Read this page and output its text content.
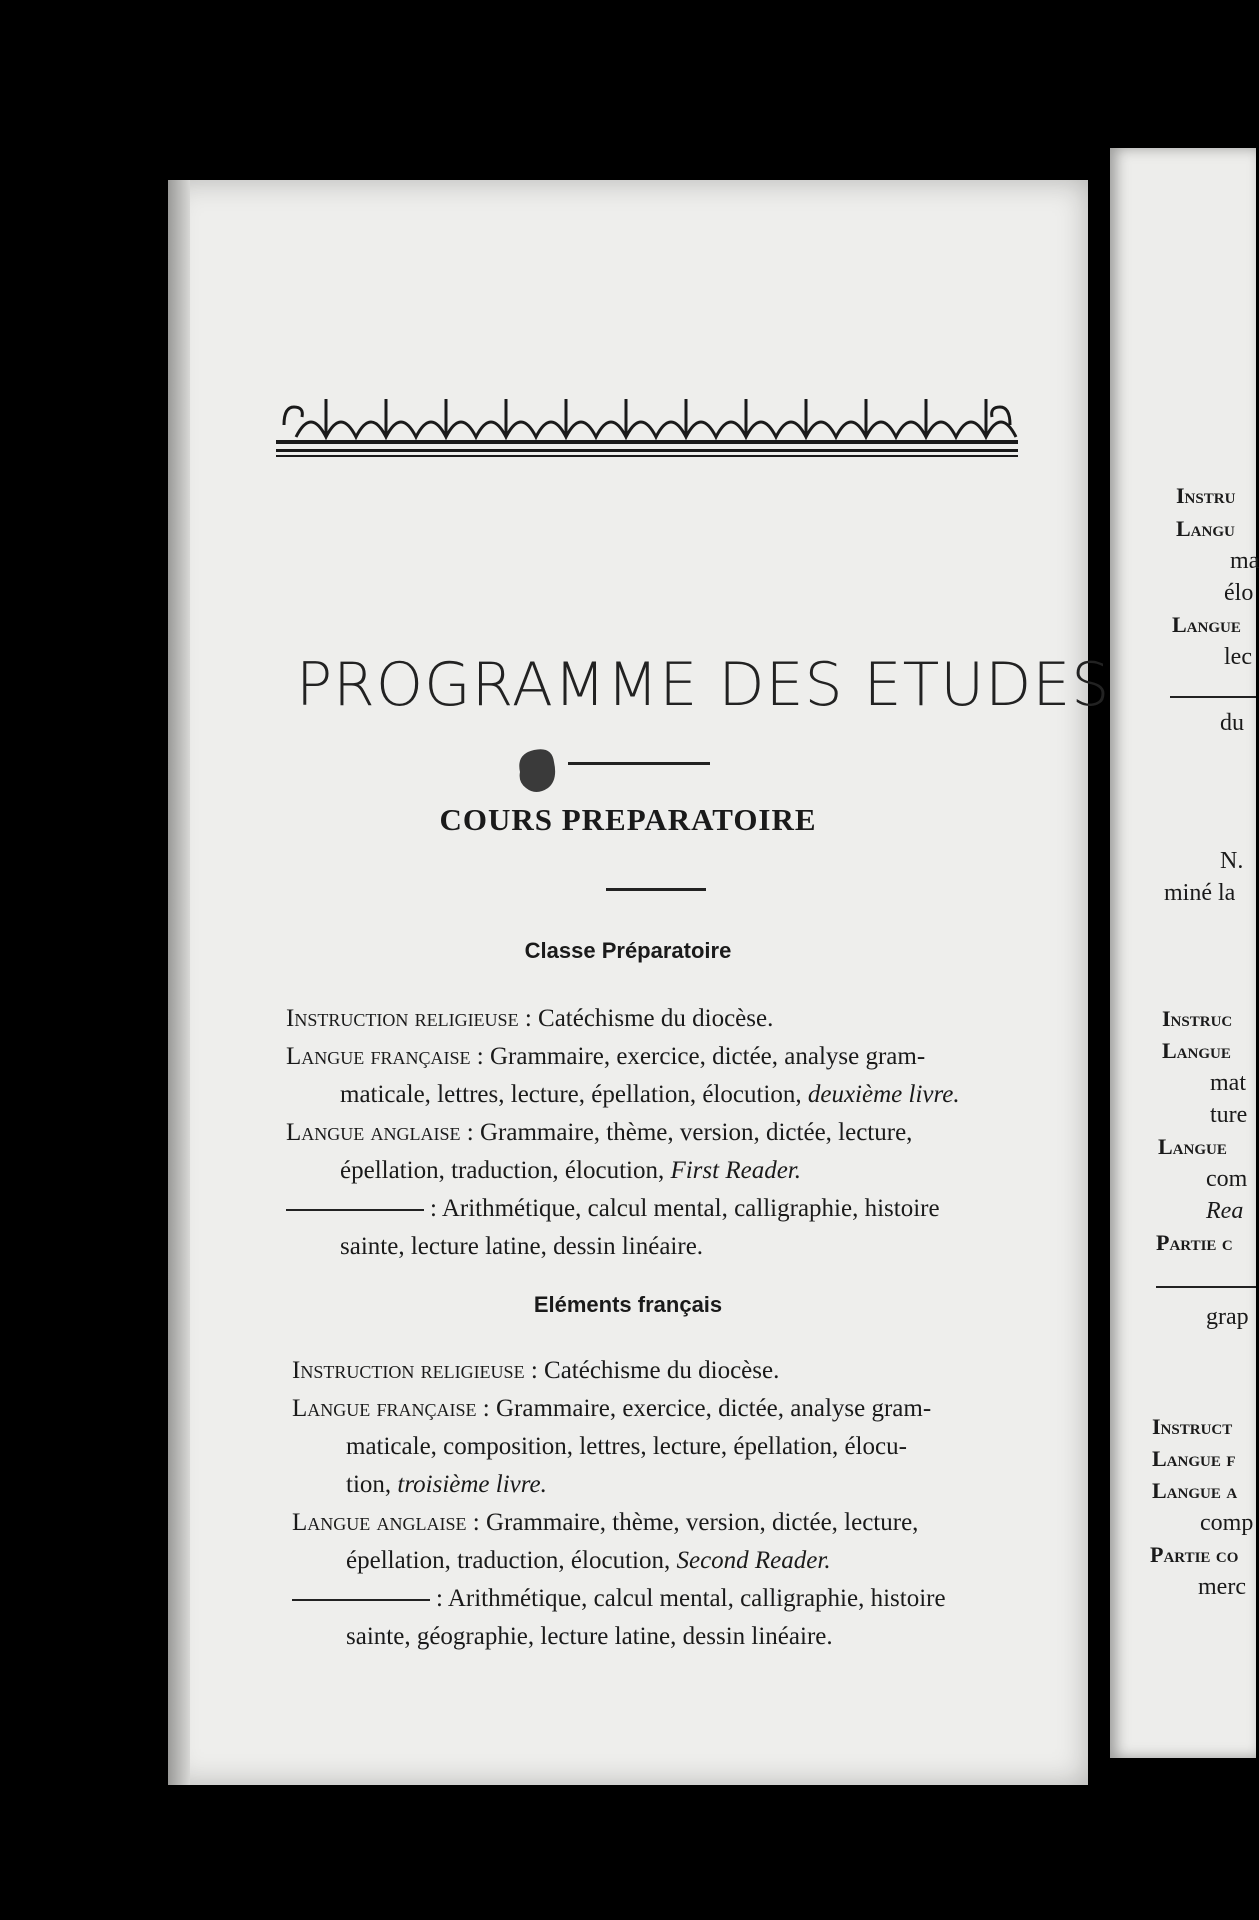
PROGRAMME DES ETUDES
COURS PREPARATOIRE
Classe Préparatoire
Instruction religieuse : Catéchisme du diocèse.
Langue française : Grammaire, exercice, dictée, analyse gram-
maticale, lettres, lecture, épellation, élocution, deuxième livre.
Langue anglaise : Grammaire, thème, version, dictée, lecture,
épellation, traduction, élocution, First Reader.
: Arithmétique, calcul mental, calligraphie, histoire
sainte, lecture latine, dessin linéaire.
Eléments français
Instruction religieuse : Catéchisme du diocèse.
Langue française : Grammaire, exercice, dictée, analyse gram-
maticale, composition, lettres, lecture, épellation, élocu-
tion, troisième livre.
Langue anglaise : Grammaire, thème, version, dictée, lecture,
épellation, traduction, élocution, Second Reader.
: Arithmétique, calcul mental, calligraphie, histoire
sainte, géographie, lecture latine, dessin linéaire.
Instru
Langu
ma
élo
Langue
lec
du
N.
miné la
Instruc
Langue
mat
ture
Langue
com
Rea
Partie c
grap
Instruct
Langue f
Langue a
comp
Partie co
merc
